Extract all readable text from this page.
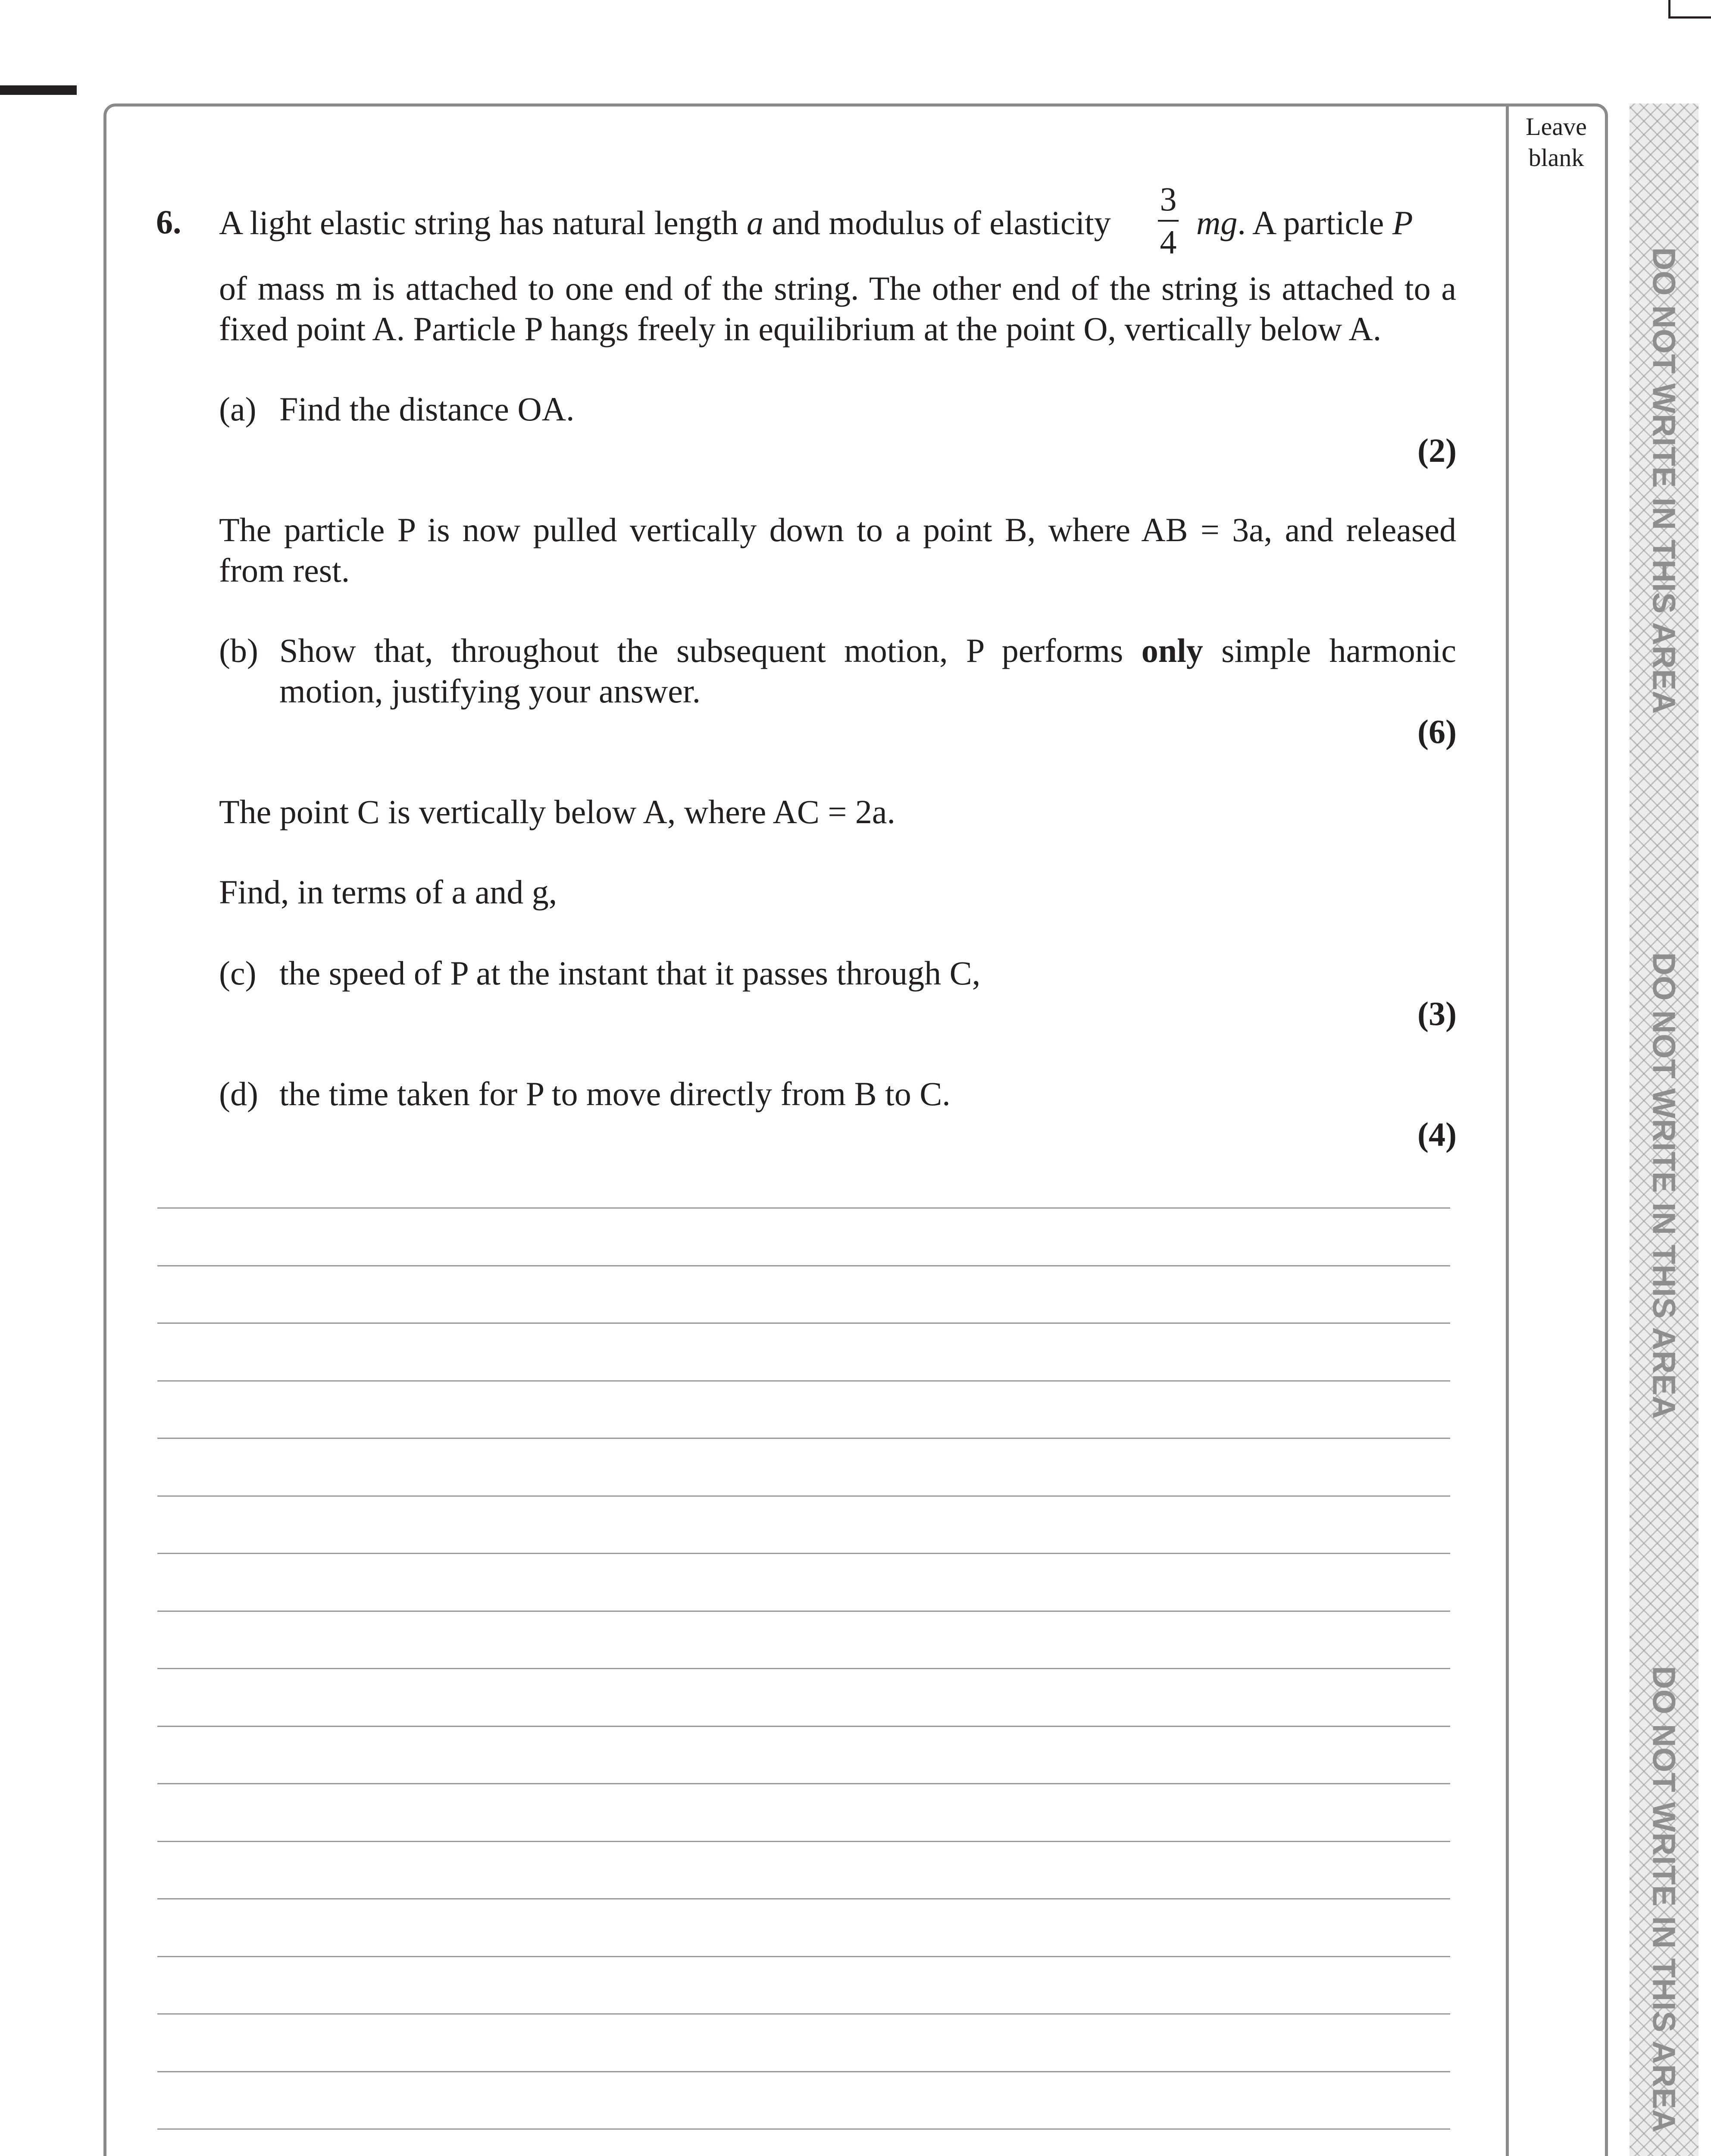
Leave blank
DO NOT WRITE IN THIS AREA
DO NOT WRITE IN THIS AREA
DO NOT WRITE IN THIS AREA
6. A light elastic string has natural length a and modulus of elasticity
3
4
mg. A particle P
of mass m is attached to one end of the string. The other end of the string is attached to a
fixed point A. Particle P hangs freely in equilibrium at the point O, vertically below A.
(a) Find the distance OA.
(2)
The particle P is now pulled vertically down to a point B, where AB = 3a, and released
from rest.
(b) Show that, throughout the subsequent motion, P performs only simple harmonic
motion, justifying your answer.
(6)
The point C is vertically below A, where AC = 2a.
Find, in terms of a and g,
(c) the speed of P at the instant that it passes through C,
(3)
(d) the time taken for P to move directly from B to C.
(4)
